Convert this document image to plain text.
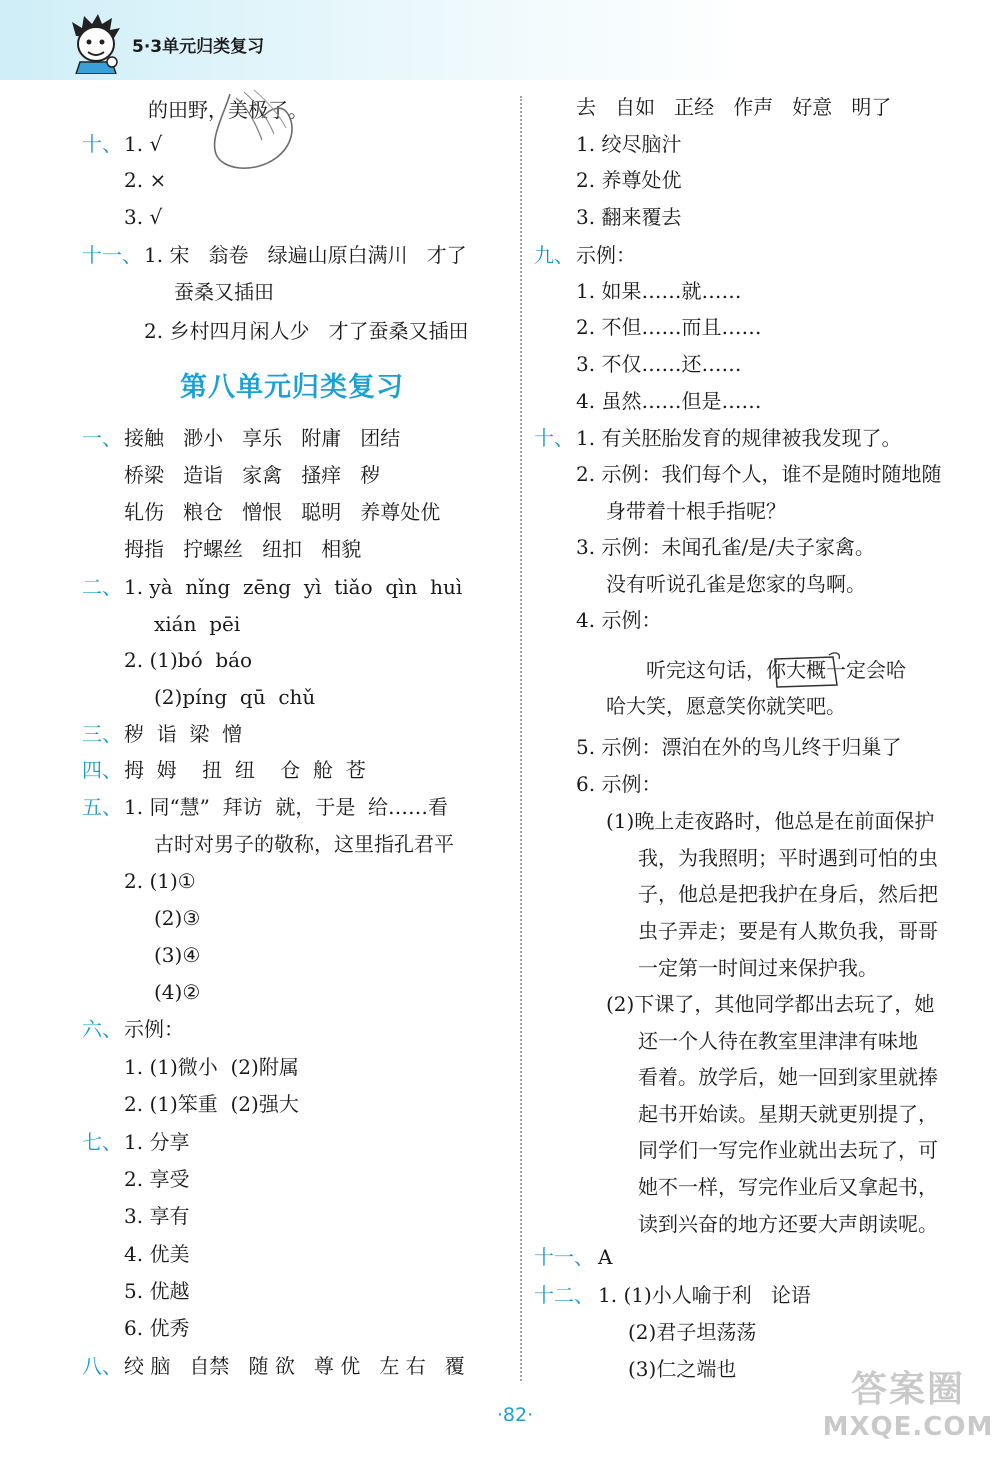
5·3单元归类复习
的田野，美极了。
十、 1. √
2. ×
3. √
十一、 1. 宋   翁卷   绿遍山原白满川   才了
蚕桑又插田
2. 乡村四月闲人少   才了蚕桑又插田
一、 接触   渺小   享乐   附庸   团结
桥梁   造诣   家禽   搔痒   秽
轧伤   粮仓   憎恨   聪明   养尊处优
拇指   拧螺丝   纽扣   相貌
二、 1. yà  nǐng  zēng  yì  tiǎo  qìn  huì
xián  pēi
2. (1)bó  báo
(2)píng  qū  chǔ
三、 秽  诣  梁  憎
四、 拇  姆    扭  纽    仓  舱  苍
五、 1. 同“慧”  拜访  就，于是  给……看
古时对男子的敬称，这里指孔君平
2. (1)①
(2)③
(3)④
(4)②
六、 示例：
1. (1)微小  (2)附属
2. (1)笨重  (2)强大
七、 1. 分享
2. 享受
3. 享有
4. 优美
5. 优越
6. 优秀
八、 绞 脑   自禁   随 欲   尊 优   左 右   覆
去   自如   正经   作声   好意   明了
1. 绞尽脑汁
2. 养尊处优
3. 翻来覆去
九、 示例：
1. 如果……就……
2. 不但……而且……
3. 不仅……还……
4. 虽然……但是……
十、 1. 有关胚胎发育的规律被我发现了。
2. 示例：我们每个人，谁不是随时随地随
身带着十根手指呢？
3. 示例：未闻孔雀/是/夫子家禽。
没有听说孔雀是您家的鸟啊。
4. 示例：
听完这句话，你大概一定会哈
哈大笑，愿意笑你就笑吧。
5. 示例：漂泊在外的鸟儿终于归巢了
6. 示例：
(1)晚上走夜路时，他总是在前面保护
我，为我照明；平时遇到可怕的虫
子，他总是把我护在身后，然后把
虫子弄走；要是有人欺负我，哥哥
一定第一时间过来保护我。
(2)下课了，其他同学都出去玩了，她
还一个人待在教室里津津有味地
看着。放学后，她一回到家里就捧
起书开始读。星期天就更别提了，
同学们一写完作业就出去玩了，可
她不一样，写完作业后又拿起书，
读到兴奋的地方还要大声朗读呢。
十一、 A
十二、 1. (1)小人喻于利   论语
(2)君子坦荡荡
(3)仁之端也
第八单元归类复习
·82·
答案圈
MXQE.COM
